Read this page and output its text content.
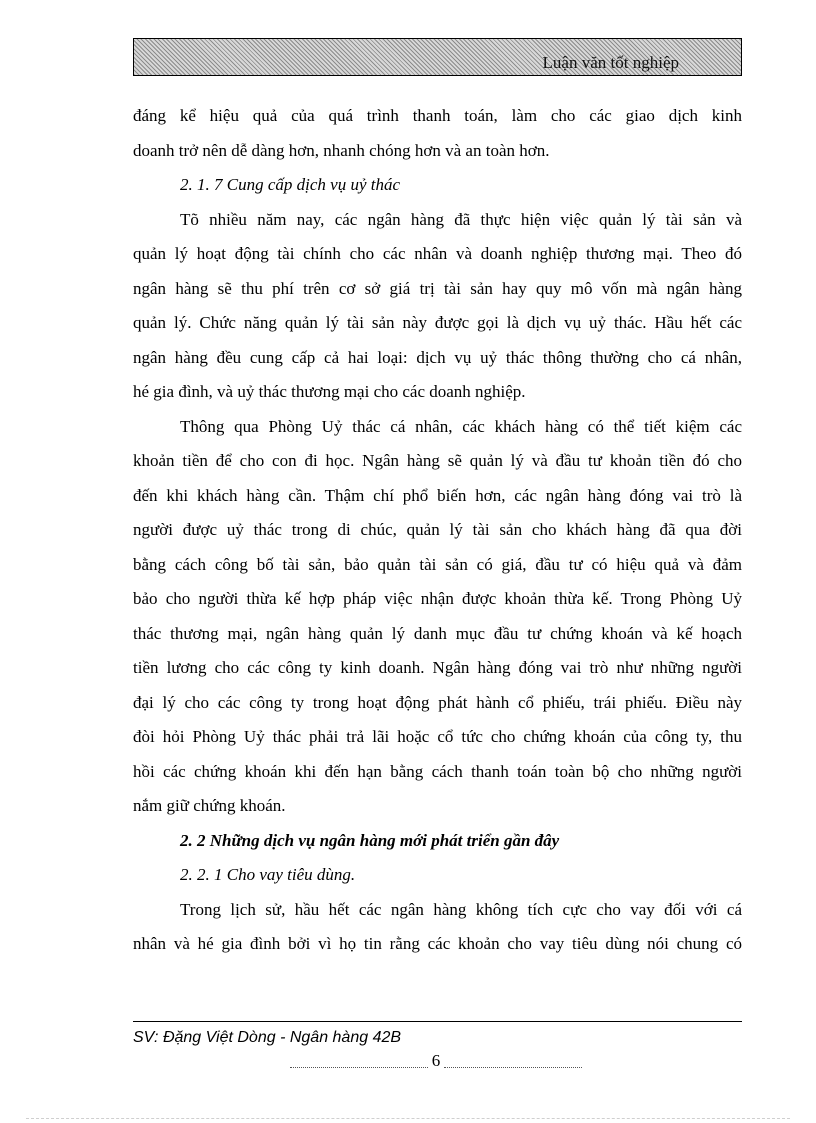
Luận văn tốt nghiệp
đáng kể hiệu quả của quá trình thanh toán, làm cho các giao dịch kinh
doanh trở nên dễ dàng hơn, nhanh chóng hơn và an toàn hơn.
2. 1. 7 Cung cấp dịch vụ uỷ thác
Tõ nhiều năm nay, các ngân hàng đã thực hiện việc quản lý tài sản và
quản lý hoạt động tài chính cho các nhân và doanh nghiệp thương mại. Theo đó
ngân hàng sẽ thu phí trên cơ sở giá trị tài sản hay quy mô vốn mà ngân hàng
quản lý. Chức năng quản lý tài sản này được gọi là dịch vụ uỷ thác. Hầu hết các
ngân hàng đều cung cấp cả hai loại: dịch vụ uỷ thác thông thường cho cá nhân,
hé gia đình, và uỷ thác thương mại cho các doanh nghiệp.
Thông qua Phòng Uỷ thác cá nhân, các khách hàng có thể tiết kiệm các
khoản tiền để cho con đi học. Ngân hàng sẽ quản lý và đầu tư khoản tiền đó cho
đến khi khách hàng cần. Thậm chí phổ biến hơn, các ngân hàng đóng vai trò là
người được uỷ thác trong di chúc, quản lý tài sản cho khách hàng đã qua đời
bằng cách công bố tài sản, bảo quản tài sản có giá, đầu tư có hiệu quả và đảm
bảo cho người thừa kế hợp pháp việc nhận được khoản thừa kế. Trong Phòng Uỷ
thác thương mại, ngân hàng quản lý danh mục đầu tư chứng khoán và kế hoạch
tiền lương cho các công ty kinh doanh. Ngân hàng đóng vai trò như những người
đại lý cho các công ty trong hoạt động phát hành cổ phiếu, trái phiếu. Điều này
đòi hỏi Phòng Uỷ thác phải trả lãi hoặc cổ tức cho chứng khoán của công ty, thu
hồi các chứng khoán khi đến hạn bằng cách thanh toán toàn bộ cho những người
nắm giữ chứng khoán.
2. 2 Những dịch vụ ngân hàng mới phát triển gần đây
2. 2. 1 Cho vay tiêu dùng.
Trong lịch sử, hầu hết các ngân hàng không tích cực cho vay đối với cá
nhân và hé gia đình bởi vì họ tin rằng các khoản cho vay tiêu dùng nói chung có
SV: Đặng Việt Dòng - Ngân hàng 42B
6
